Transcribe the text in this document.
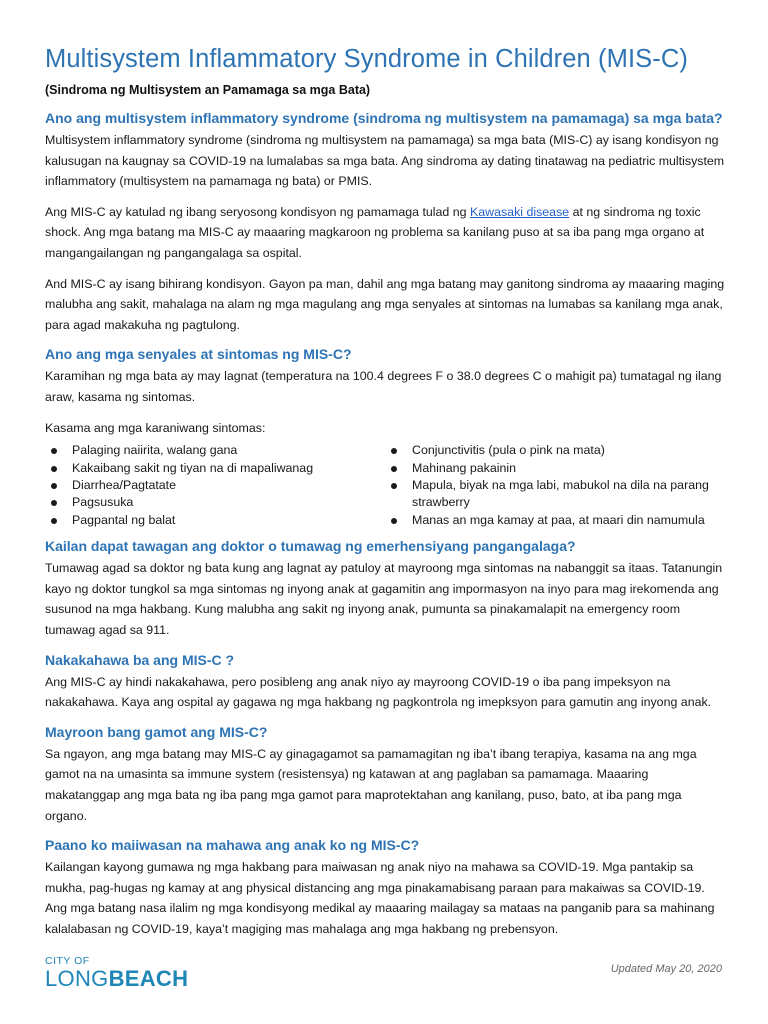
Multisystem Inflammatory Syndrome in Children (MIS-C)
(Sindroma ng Multisystem an Pamamaga sa mga Bata)
Ano ang multisystem inflammatory syndrome (sindroma ng multisystem na pamamaga) sa mga bata?

Multisystem inflammatory syndrome (sindroma ng multisystem na pamamaga) sa mga bata (MIS-C) ay isang kondisyon ng kalusugan na kaugnay sa COVID-19 na lumalabas sa mga bata. Ang sindroma ay dating tinatawag na pediatric multisystem inflammatory (multisystem na pamamaga ng bata) or PMIS.

Ang MIS-C ay katulad ng ibang seryosong kondisyon ng pamamaga tulad ng Kawasaki disease at ng sindroma ng toxic shock. Ang mga batang ma MIS-C ay maaaring magkaroon ng problema sa kanilang puso at sa iba pang mga organo at mangangailangan ng pangangalaga sa ospital.

And MIS-C ay isang bihirang kondisyon. Gayon pa man, dahil ang mga batang may ganitong sindroma ay maaaring maging malubha ang sakit, mahalaga na alam ng mga magulang ang mga senyales at sintomas na lumabas sa kanilang mga anak, para agad makakuha ng pagtulong.

Ano ang mga senyales at sintomas ng MIS-C?

Karamihan ng mga bata ay may lagnat (temperatura na 100.4 degrees F o 38.0 degrees C o mahigit pa) tumatagal ng ilang araw, kasama ng sintomas.

Kasama ang mga karaniwang sintomas:

Palaging naiirita, walang gana
Kakaibang sakit ng tiyan na di mapaliwanag
Diarrhea/Pagtatate
Pagsusuka
Pagpantal ng balat
Conjunctivitis (pula o pink na mata)
Mahinang pakainin
Mapula, biyak na mga labi, mabukol na dila na parang strawberry
Manas an mga kamay at paa, at maari din namumula
Kailan dapat tawagan ang doktor o tumawag ng emerhensiyang pangangalaga?

Tumawag agad sa doktor ng bata kung ang lagnat ay patuloy at mayroong mga sintomas na nabanggit sa itaas. Tatanungin kayo ng doktor tungkol sa mga sintomas ng inyong anak at gagamitin ang impormasyon na inyo para mag irekomenda ang susunod na mga hakbang. Kung malubha ang sakit ng inyong anak, pumunta sa pinakamalapit na emergency room tumawag agad sa 911.

Nakakahawa ba ang MIS-C ?

Ang MIS-C ay hindi nakakahawa, pero posibleng ang anak niyo ay mayroong COVID-19 o iba pang impeksyon na nakakahawa. Kaya ang ospital ay gagawa ng mga hakbang ng pagkontrola ng imepksyon para gamutin ang inyong anak.

Mayroon bang gamot ang MIS-C?

Sa ngayon, ang mga batang may MIS-C ay ginagagamot sa pamamagitan ng iba’t ibang terapiya, kasama na ang mga gamot na na umasinta sa immune system (resistensya) ng katawan at ang paglaban sa pamamaga. Maaaring makatanggap ang mga bata ng iba pang mga gamot para maprotektahan ang kanilang, puso, bato, at iba pang mga organo.

Paano ko maiiwasan na mahawa ang anak ko ng MIS-C?

Kailangan kayong gumawa ng mga hakbang para maiwasan ng anak niyo na mahawa sa COVID-19. Mga pantakip sa mukha, pag-hugas ng kamay at ang physical distancing ang mga pinakamabisang paraan para makaiwas sa COVID-19. Ang mga batang nasa ilalim ng mga kondisyong medikal ay maaaring mailagay sa mataas na panganib para sa mahinang kalalabasan ng COVID-19, kaya’t magiging mas mahalaga ang mga hakbang ng prebensyon.

CITY OF
LONGBEACH	Updated May 20, 2020
